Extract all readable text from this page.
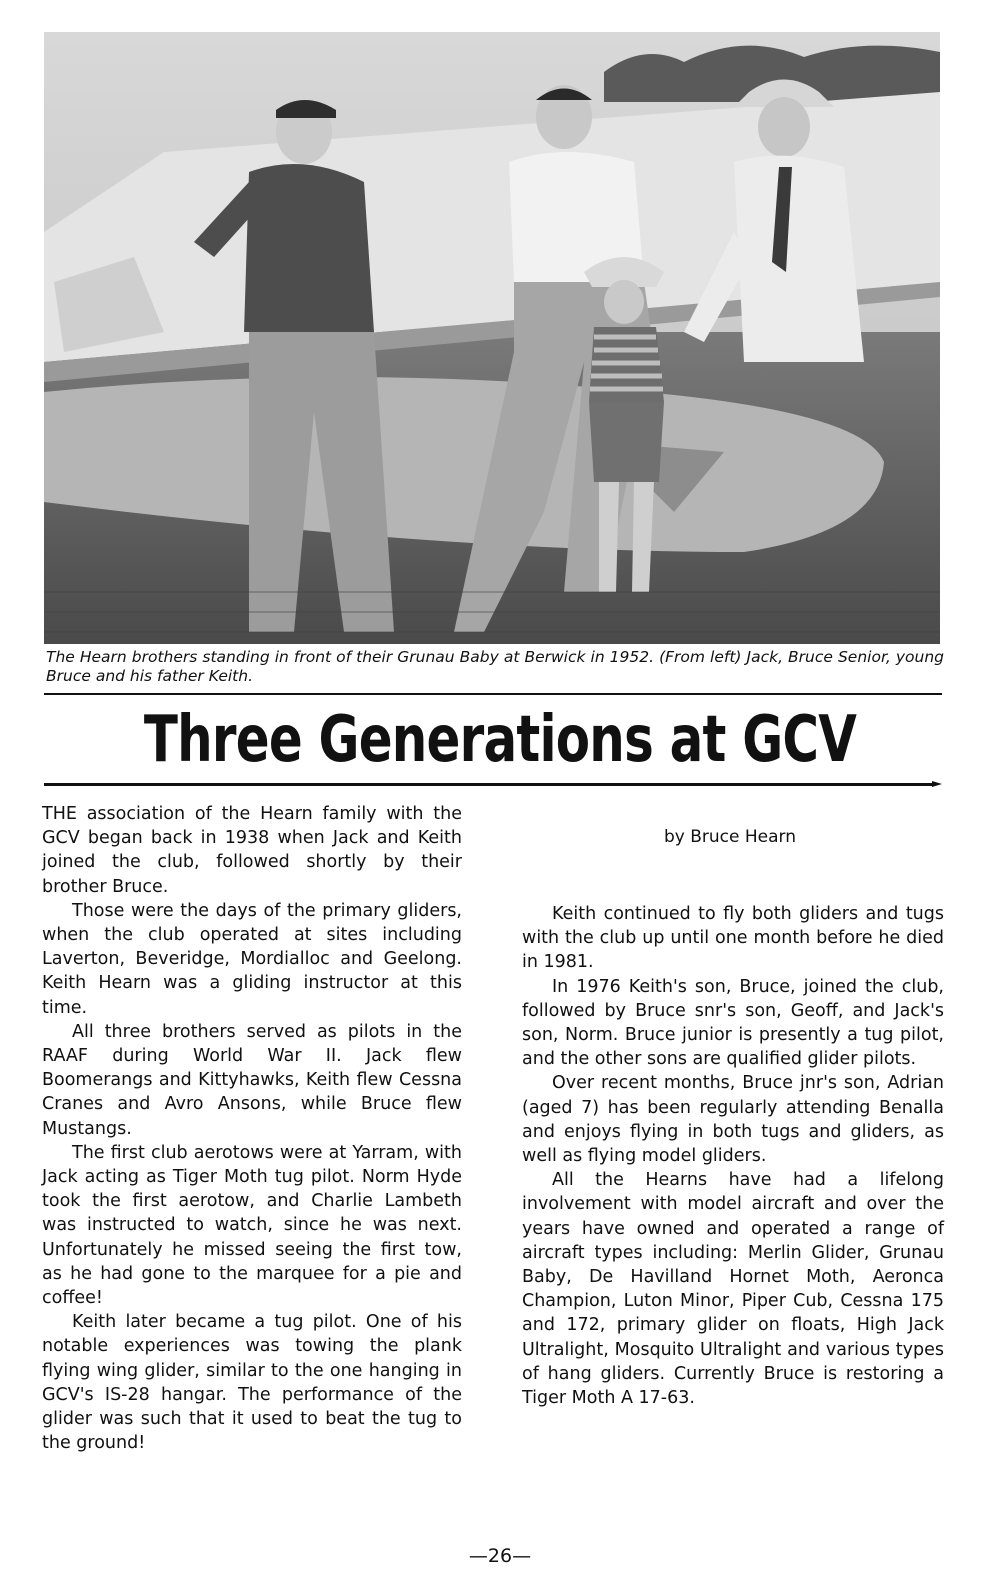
The Hearn brothers standing in front of their Grunau Baby at Berwick in 1952. (From left) Jack, Bruce Senior, young Bruce and his father Keith.
Three Generations at GCV

THE association of the Hearn family with the GCV began back in 1938 when Jack and Keith joined the club, followed shortly by their brother Bruce.

Those were the days of the primary gliders, when the club operated at sites including Laverton, Beveridge, Mordialloc and Geelong. Keith Hearn was a gliding instructor at this time.

All three brothers served as pilots in the RAAF during World War II. Jack flew Boomerangs and Kittyhawks, Keith flew Cessna Cranes and Avro Ansons, while Bruce flew Mustangs.

The first club aerotows were at Yarram, with Jack acting as Tiger Moth tug pilot. Norm Hyde took the first aerotow, and Charlie Lambeth was instructed to watch, since he was next. Unfortunately he missed seeing the first tow, as he had gone to the marquee for a pie and coffee!

Keith later became a tug pilot. One of his notable experiences was towing the plank flying wing glider, similar to the one hanging in GCV's IS-28 hangar. The performance of the glider was such that it used to beat the tug to the ground!

by Bruce Hearn

Keith continued to fly both gliders and tugs with the club up until one month before he died in 1981.

In 1976 Keith's son, Bruce, joined the club, followed by Bruce snr's son, Geoff, and Jack's son, Norm. Bruce junior is presently a tug pilot, and the other sons are qualified glider pilots.

Over recent months, Bruce jnr's son, Adrian (aged 7) has been regularly attending Benalla and enjoys flying in both tugs and gliders, as well as flying model gliders.

All the Hearns have had a lifelong involvement with model aircraft and over the years have owned and operated a range of aircraft types including: Merlin Glider, Grunau Baby, De Havilland Hornet Moth, Aeronca Champion, Luton Minor, Piper Cub, Cessna 175 and 172, primary glider on floats, High Jack Ultralight, Mosquito Ultralight and various types of hang gliders. Currently Bruce is restoring a Tiger Moth A 17-63.

—26—
